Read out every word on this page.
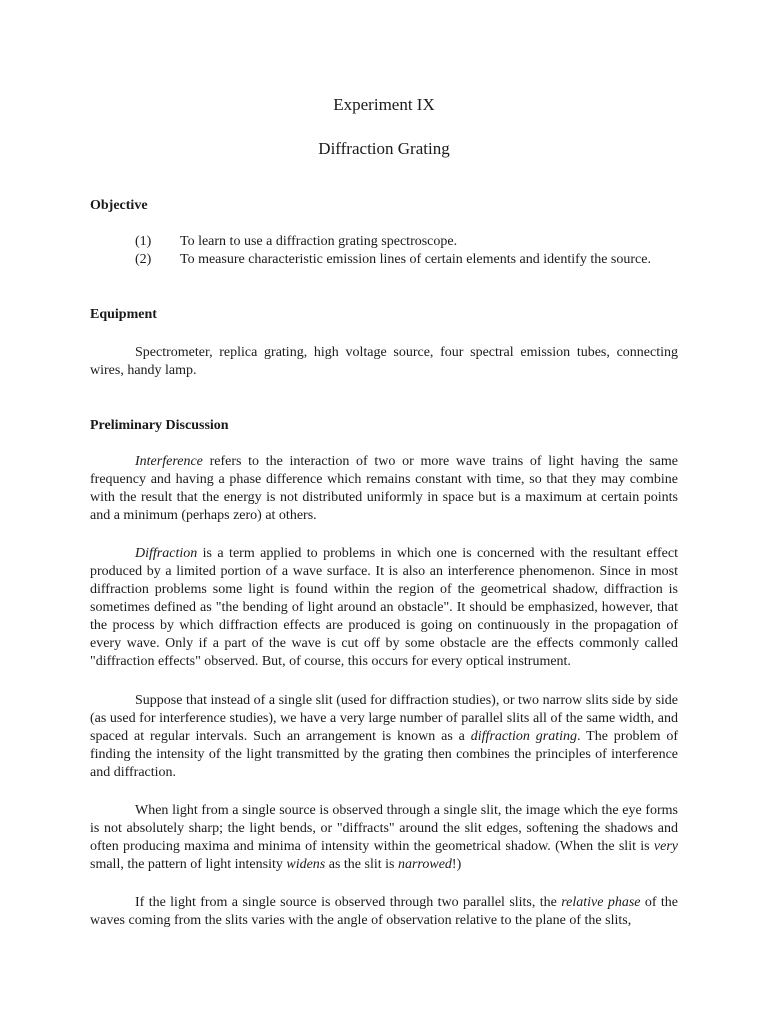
Experiment IX
Diffraction Grating
Objective
(1)	To learn to use a diffraction grating spectroscope.
(2)	To measure characteristic emission lines of certain elements and identify the source.
Equipment

Spectrometer, replica grating, high voltage source, four spectral emission tubes, connecting wires, handy lamp.

Preliminary Discussion

Interference refers to the interaction of two or more wave trains of light having the same frequency and having a phase difference which remains constant with time, so that they may combine with the result that the energy is not distributed uniformly in space but is a maximum at certain points and a minimum (perhaps zero) at others.

Diffraction is a term applied to problems in which one is concerned with the resultant effect produced by a limited portion of a wave surface. It is also an interference phenomenon. Since in most diffraction problems some light is found within the region of the geometrical shadow, diffraction is sometimes defined as "the bending of light around an obstacle". It should be emphasized, however, that the process by which diffraction effects are produced is going on continuously in the propagation of every wave. Only if a part of the wave is cut off by some obstacle are the effects commonly called "diffraction effects" observed. But, of course, this occurs for every optical instrument.

Suppose that instead of a single slit (used for diffraction studies), or two narrow slits side by side (as used for interference studies), we have a very large number of parallel slits all of the same width, and spaced at regular intervals. Such an arrangement is known as a diffraction grating. The problem of finding the intensity of the light transmitted by the grating then combines the principles of interference and diffraction.

When light from a single source is observed through a single slit, the image which the eye forms is not absolutely sharp; the light bends, or "diffracts" around the slit edges, softening the shadows and often producing maxima and minima of intensity within the geometrical shadow. (When the slit is very small, the pattern of light intensity widens as the slit is narrowed!)

If the light from a single source is observed through two parallel slits, the relative phase of the waves coming from the slits varies with the angle of observation relative to the plane of the slits,
